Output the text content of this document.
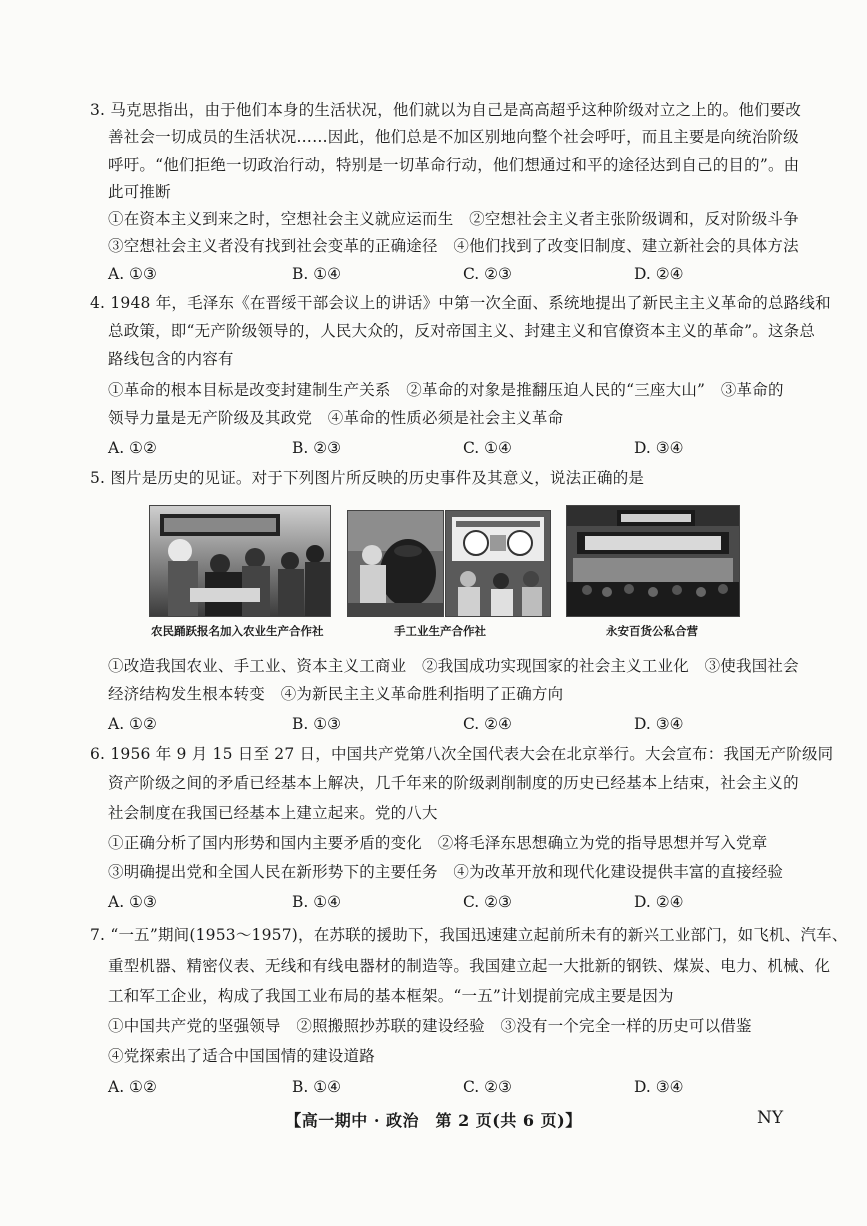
3. 马克思指出，由于他们本身的生活状况，他们就以为自己是高高超乎这种阶级对立之上的。他们要改
善社会一切成员的生活状况……因此，他们总是不加区别地向整个社会呼吁，而且主要是向统治阶级
呼吁。“他们拒绝一切政治行动，特别是一切革命行动，他们想通过和平的途径达到自己的目的”。由
此可推断
①在资本主义到来之时，空想社会主义就应运而生　②空想社会主义者主张阶级调和，反对阶级斗争
③空想社会主义者没有找到社会变革的正确途径　④他们找到了改变旧制度、建立新社会的具体方法
A. ①③	B. ①④	C. ②③	D. ②④
4. 1948 年，毛泽东《在晋绥干部会议上的讲话》中第一次全面、系统地提出了新民主主义革命的总路线和
总政策，即“无产阶级领导的，人民大众的，反对帝国主义、封建主义和官僚资本主义的革命”。这条总
路线包含的内容有
①革命的根本目标是改变封建制生产关系　②革命的对象是推翻压迫人民的“三座大山”　③革命的
领导力量是无产阶级及其政党　④革命的性质必须是社会主义革命
A. ①②	B. ②③	C. ①④	D. ③④
5. 图片是历史的见证。对于下列图片所反映的历史事件及其意义，说法正确的是
农民踊跃报名加入农业生产合作社	手工业生产合作社	永安百货公私合营
①改造我国农业、手工业、资本主义工商业　②我国成功实现国家的社会主义工业化　③使我国社会
经济结构发生根本转变　④为新民主主义革命胜利指明了正确方向
A. ①②	B. ①③	C. ②④	D. ③④
6. 1956 年 9 月 15 日至 27 日，中国共产党第八次全国代表大会在北京举行。大会宣布：我国无产阶级同
资产阶级之间的矛盾已经基本上解决，几千年来的阶级剥削制度的历史已经基本上结束，社会主义的
社会制度在我国已经基本上建立起来。党的八大
①正确分析了国内形势和国内主要矛盾的变化　②将毛泽东思想确立为党的指导思想并写入党章
③明确提出党和全国人民在新形势下的主要任务　④为改革开放和现代化建设提供丰富的直接经验
A. ①③	B. ①④	C. ②③	D. ②④
7. “一五”期间(1953～1957)，在苏联的援助下，我国迅速建立起前所未有的新兴工业部门，如飞机、汽车、
重型机器、精密仪表、无线和有线电器材的制造等。我国建立起一大批新的钢铁、煤炭、电力、机械、化
工和军工企业，构成了我国工业布局的基本框架。“一五”计划提前完成主要是因为
①中国共产党的坚强领导　②照搬照抄苏联的建设经验　③没有一个完全一样的历史可以借鉴
④党探索出了适合中国国情的建设道路
A. ①②	B. ①④	C. ②③	D. ③④
【高一期中 · 政治　第 2 页(共 6 页)】	NY
